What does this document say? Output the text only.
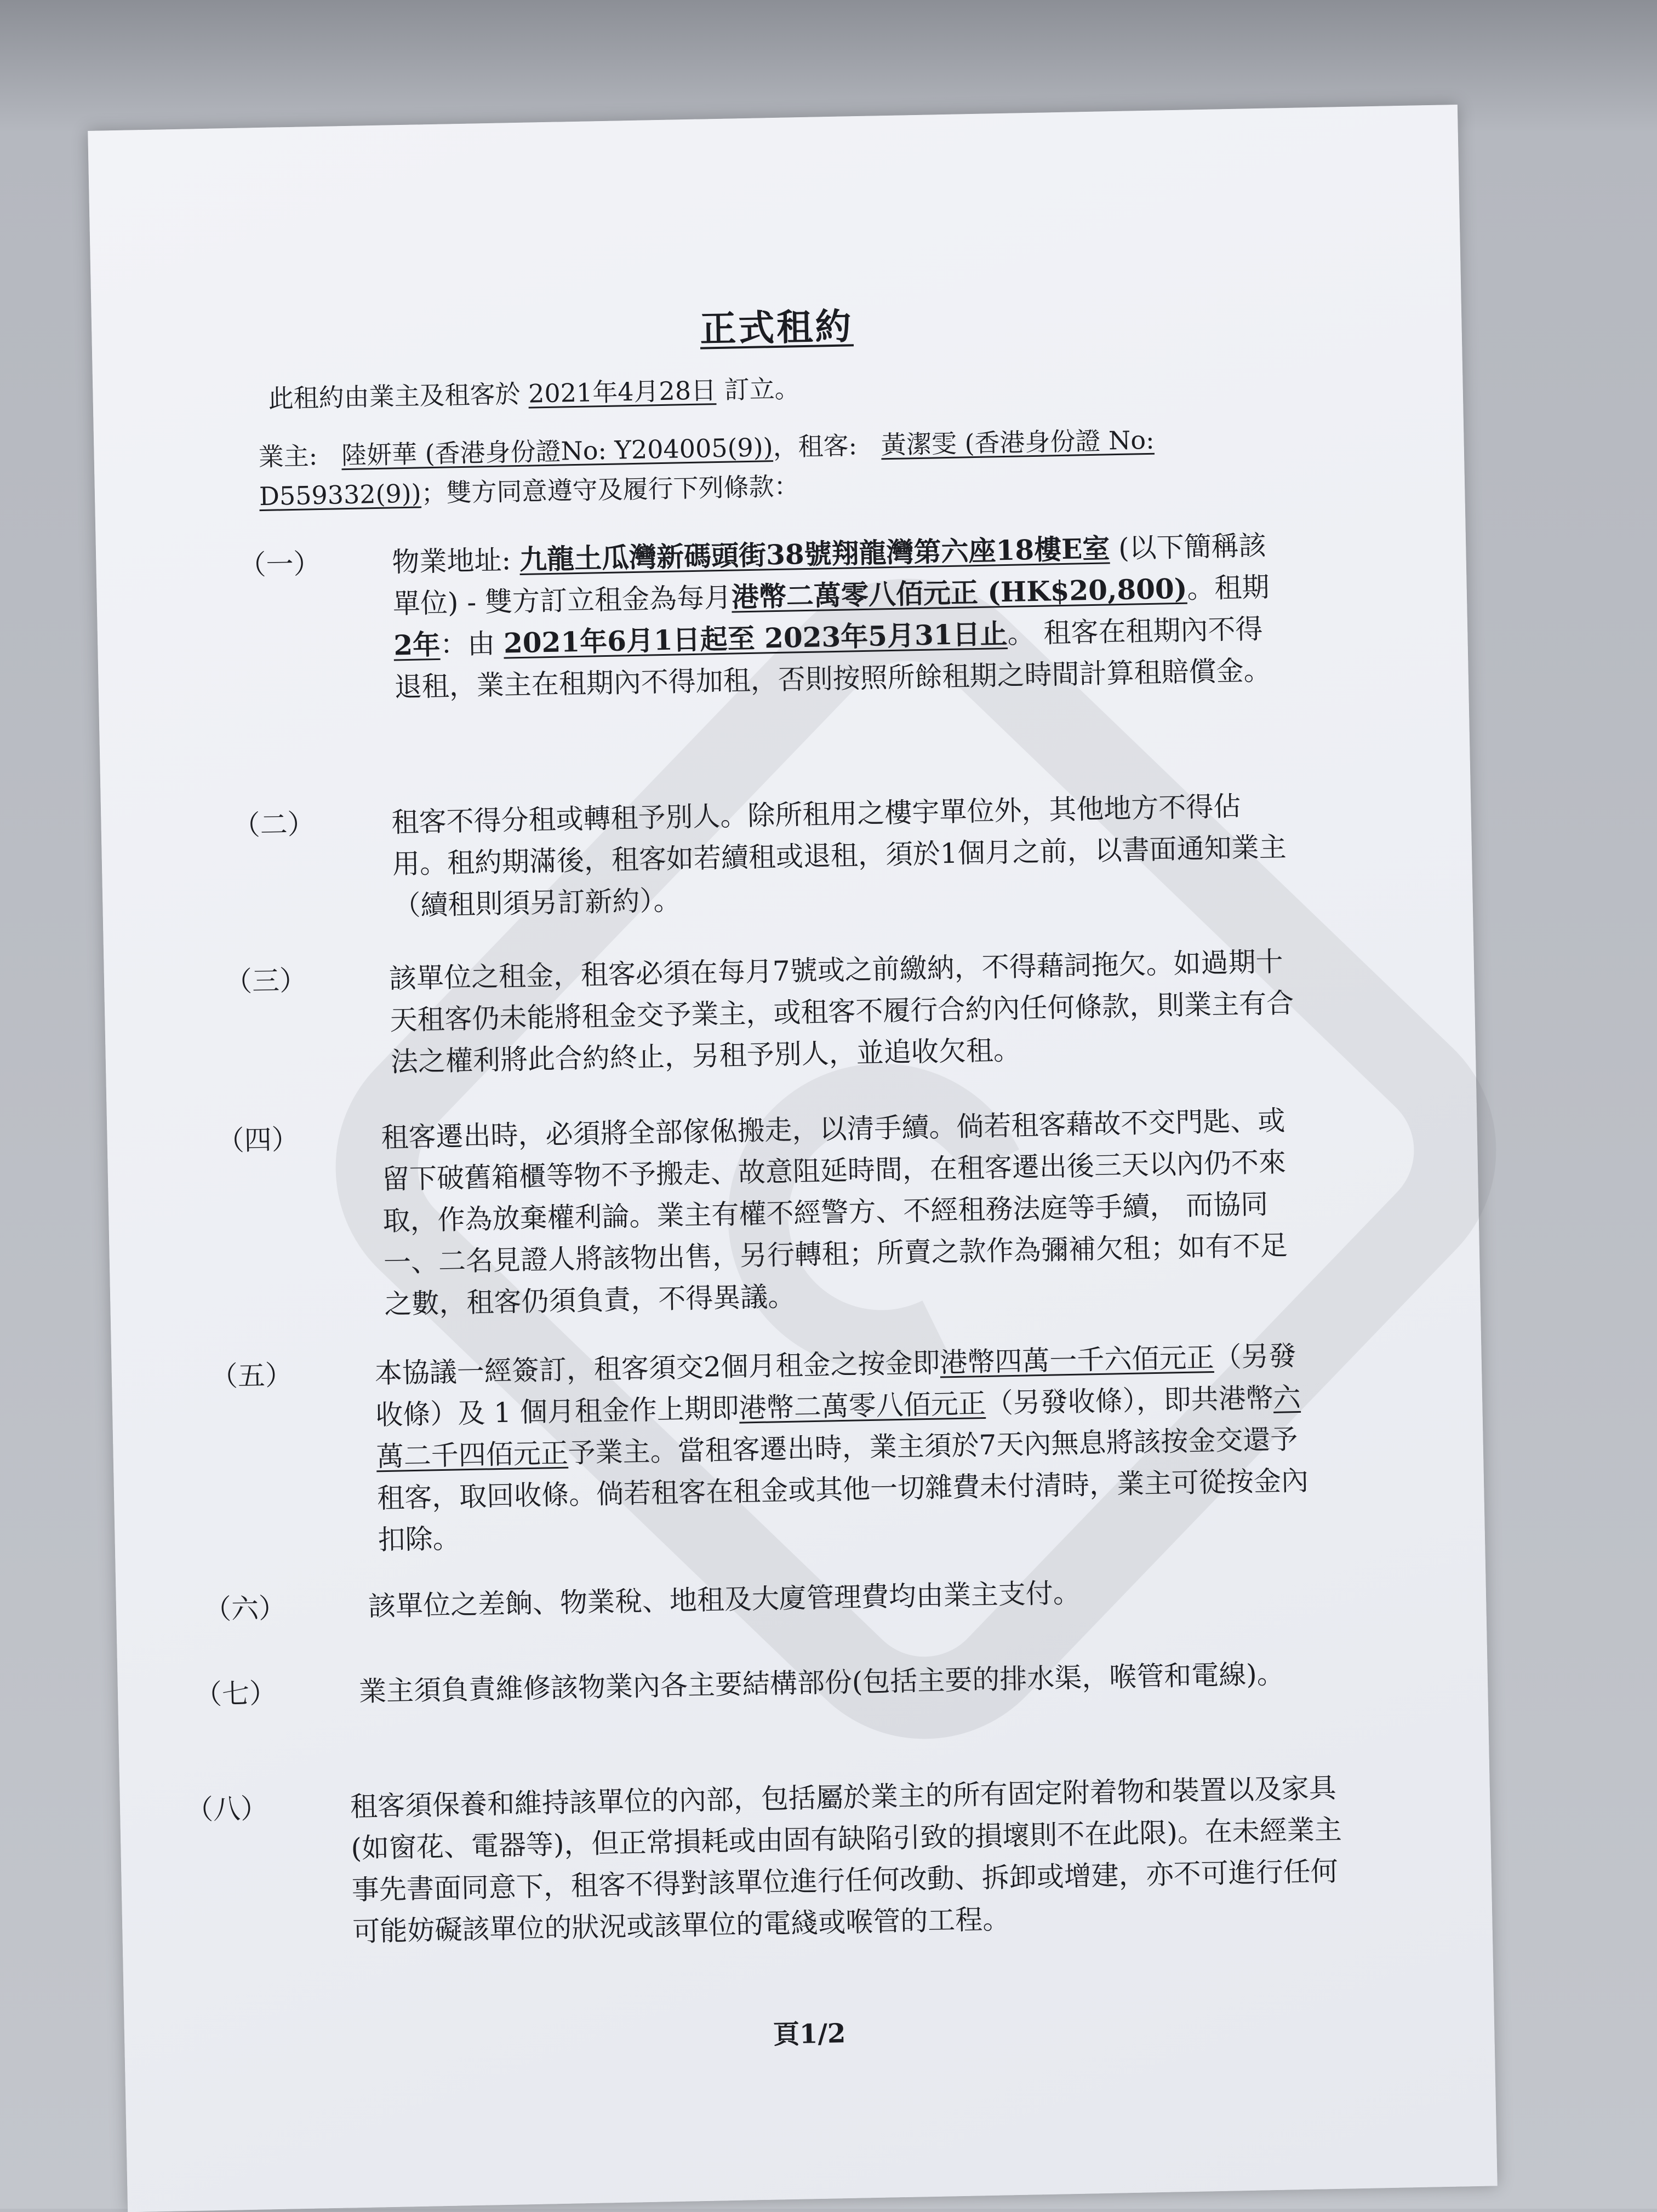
正式租約
此租約由業主及租客於 2021年4月28日 訂立。
業主: 陸妍華 (香港身份證No: Y204005(9))，租客: 黃潔雯 (香港身份證 No: D559332(9))；雙方同意遵守及履行下列條款：
（一）	物業地址: 九龍土瓜灣新碼頭街38號翔龍灣第六座18樓E室 (以下簡稱該單位) - 雙方訂立租金為每月港幣二萬零八佰元正 (HK$20,800)。租期2年：由 2021年6月1日起至 2023年5月31日止。 租客在租期內不得退租，業主在租期內不得加租，否則按照所餘租期之時間計算租賠償金。
（二）	租客不得分租或轉租予別人。除所租用之樓宇單位外，其他地方不得佔用。租約期滿後，租客如若續租或退租，須於1個月之前，以書面通知業主（續租則須另訂新約）。
（三）	該單位之租金，租客必須在每月7號或之前繳納，不得藉詞拖欠。如過期十天租客仍未能將租金交予業主，或租客不履行合約內任何條款，則業主有合法之權利將此合約終止，另租予別人，並追收欠租。
（四）	租客遷出時，必須將全部傢俬搬走，以清手續。倘若租客藉故不交門匙、或留下破舊箱櫃等物不予搬走、故意阻延時間，在租客遷出後三天以內仍不來取，作為放棄權利論。業主有權不經警方、不經租務法庭等手續， 而協同一、二名見證人將該物出售，另行轉租；所賣之款作為彌補欠租；如有不足之數，租客仍須負責，不得異議。
（五）	本協議一經簽訂，租客須交2個月租金之按金即港幣四萬一千六佰元正（另發收條）及 1 個月租金作上期即港幣二萬零八佰元正（另發收條），即共港幣六萬二千四佰元正予業主。當租客遷出時，業主須於7天內無息將該按金交還予租客，取回收條。倘若租客在租金或其他一切雜費未付清時，業主可從按金內扣除。
（六）	該單位之差餉、物業稅、地租及大廈管理費均由業主支付。
（七）	業主須負責維修該物業內各主要結構部份(包括主要的排水渠，喉管和電線)。
（八）	租客須保養和維持該單位的內部，包括屬於業主的所有固定附着物和裝置以及家具(如窗花、電器等)，但正常損耗或由固有缺陷引致的損壞則不在此限)。在未經業主事先書面同意下，租客不得對該單位進行任何改動、拆卸或增建，亦不可進行任何可能妨礙該單位的狀況或該單位的電綫或喉管的工程。
頁1/2
